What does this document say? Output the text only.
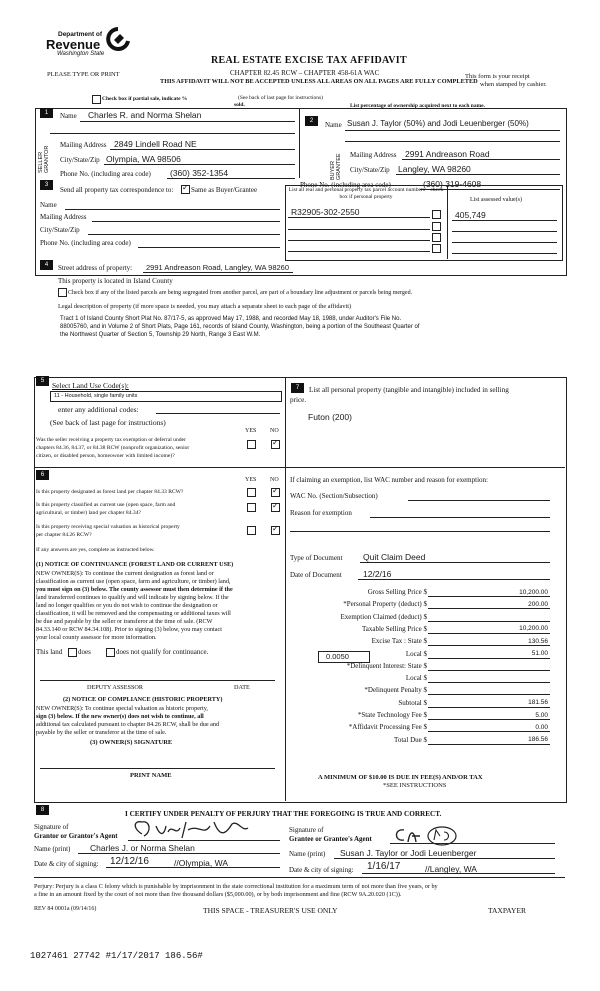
Department of
Revenue
Washington State
PLEASE TYPE OR PRINT
REAL ESTATE EXCISE TAX AFFIDAVIT
CHAPTER 82.45 RCW – CHAPTER 458-61A WAC
THIS AFFIDAVIT WILL NOT BE ACCEPTED UNLESS ALL AREAS ON ALL PAGES ARE FULLY COMPLETED
This form is your receipt
when stamped by cashier.
Check box if partial sale, indicate %
sold.
(See back of last page for instructions)
List percentage of ownership acquired next to each name.
1
SELLER GRANTOR
Name Charles R. and Norma Shelan
Mailing Address 2849 Lindell Road NE
City/State/Zip Olympia, WA 98506
Phone No. (including area code) (360) 352-1354
2
BUYER GRANTEE
Name Susan J. Taylor (50%) and Jodi Leuenberger (50%)
Mailing Address 2991 Andreason Road
City/State/Zip Langley, WA 98260
Phone No. (including area code)	(360) 319-4608
3
Send all property tax correspondence to:
✓	Same as Buyer/Grantee
Name
Mailing Address
City/State/Zip
Phone No. (including area code)
List all real and personal property tax parcel account numbers – check box if personal property	List assessed value(s)
R32905-302-2550	405,749
4	Street address of property: 2991 Andreason Road, Langley, WA 98260
This property is located in Island County
Check box if any of the listed parcels are being segregated from another parcel, are part of a boundary line adjustment or parcels being merged.
Legal description of property (if more space is needed, you may attach a separate sheet to each page of the affidavit)
Tract 1 of Island County Short Plat No. 87/17-5, as approved May 17, 1988, and recorded May 18, 1988, under Auditor's File No.
88005760, and in Volume 2 of Short Plats, Page 161, records of Island County, Washington, being a portion of the Southeast Quarter of
the Northwest Quarter of Section 5, Township 29 North, Range 3 East W.M.
5	Select Land Use Code(s):
11 - Household, single family units
enter any additional codes:
(See back of last page for instructions)
YES NO
Was the seller receiving a property tax exemption or deferral under
chapters 84.36, 84.37, or 84.38 RCW (nonprofit organization, senior
citizen, or disabled person, homeowner with limited income)?
✓
6
YES NO
Is this property designated as forest land per chapter 84.33 RCW?
✓
Is this property classified as current use (open space, farm and
agricultural, or timber) land per chapter 84.34?
✓
Is this property receiving special valuation as historical property
per chapter 84.26 RCW?
✓
If any answers are yes, complete as instructed below.
(1) NOTICE OF CONTINUANCE (FOREST LAND OR CURRENT USE)
NEW OWNER(S): To continue the current designation as forest land or
classification as current use (open space, farm and agriculture, or timber) land,
you must sign on (3) below. The county assessor must then determine if the
land transferred continues to qualify and will indicate by signing below. If the
land no longer qualifies or you do not wish to continue the designation or
classification, it will be removed and the compensating or additional taxes will
be due and payable by the seller or transferor at the time of sale. (RCW
84.33.140 or RCW 84.34.108). Prior to signing (3) below, you may contact
your local county assessor for more information.
This land does	does not qualify for continuance.
DEPUTY ASSESSOR	DATE
(2) NOTICE OF COMPLIANCE (HISTORIC PROPERTY)
NEW OWNER(S): To continue special valuation as historic property,
sign (3) below. If the new owner(s) does not wish to continue, all
additional tax calculated pursuant to chapter 84.26 RCW, shall be due and
payable by the seller or transferor at the time of sale.
(3) OWNER(S) SIGNATURE
PRINT NAME
7	List all personal property (tangible and intangible) included in selling
price.
Futon (200)
If claiming an exemption, list WAC number and reason for exemption:
WAC No. (Section/Subsection)
Reason for exemption
Type of Document Quit Claim Deed
Date of Document	12/2/16
Gross Selling Price $	10,200.00
*Personal Property (deduct) $	200.00
Exemption Claimed (deduct) $
Taxable Selling Price $	10,200.00
Excise Tax : State $	130.56
Local $	51.00
*Delinquent Interest: State $
Local $
*Delinquent Penalty $
Subtotal $	181.56
*State Technology Fee $	5.00
*Affidavit Processing Fee $	0.00
Total Due $	186.56
0.0050
A MINIMUM OF $10.00 IS DUE IN FEE(S) AND/OR TAX
*SEE INSTRUCTIONS
8	I CERTIFY UNDER PENALTY OF PERJURY THAT THE FOREGOING IS TRUE AND CORRECT.
Signature of
Grantor or Grantor's Agent
Name (print) Charles J. or Norma Shelan
Date & city of signing: 12/12/16	//Olympia, WA
Signature of
Grantee or Grantee's Agent
Name (print) Susan J. Taylor or Jodi Leuenberger
Date & city of signing: 1/16/17	//Langley, WA
Perjury: Perjury is a class C felony which is punishable by imprisonment in the state correctional institution for a maximum term of not more than five years, or by
a fine in an amount fixed by the court of not more than five thousand dollars ($5,000.00), or by both imprisonment and fine (RCW 9A.20.020 (1C)).
REV 84 0001a (09/14/16)	THIS SPACE - TREASURER'S USE ONLY	TAXPAYER
1027461 27742 #1/17/2017 186.56#
